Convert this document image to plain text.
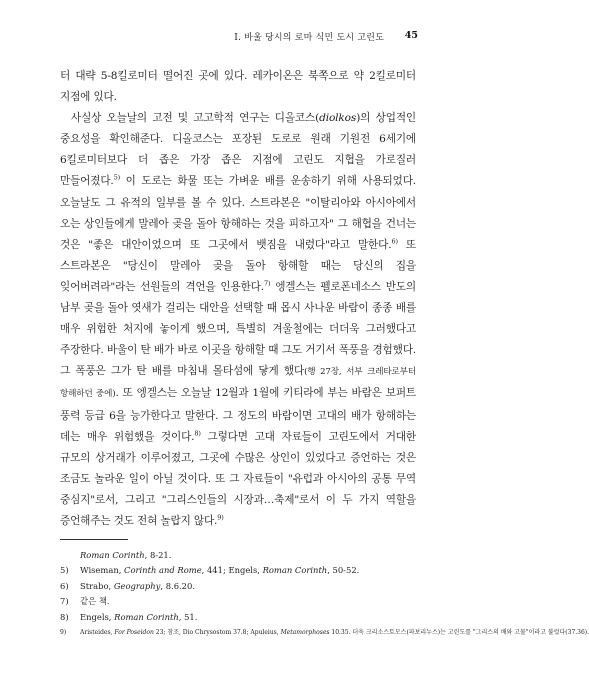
I. 바울 당시의 로마 식민 도시 고린도 45

터 대략 5-8킬로미터 떨어진 곳에 있다. 레카이온은 북쪽으로 약 2킬로미터 지점에 있다.

사실상 오늘날의 고전 및 고고학적 연구는 디올코스(diolkos)의 상업적인 중요성을 확인해준다. 디올코스는 포장된 도로로 원래 기원전 6세기에 6킬로미터보다 더 좁은 가장 좁은 지점에 고린도 지협을 가로질러 만들어졌다.$^{5)}$ 이 도로는 화물 또는 가벼운 배를 운송하기 위해 사용되었다. 오늘날도 그 유적의 일부를 볼 수 있다. 스트라본은 "이탈리아와 아시아에서 오는 상인들에게 말레아 곶을 돌아 항해하는 것을 피하고자" 그 해협을 건너는 것은 "좋은 대안이었으며 또 그곳에서 뱃짐을 내렸다"라고 말한다.$^{6)}$ 또 스트라본은 "당신이 말레아 곶을 돌아 항해할 때는 당신의 집을 잊어버려라"라는 선원들의 격언을 인용한다.$^{7)}$ 엥겔스는 펠로폰네소스 반도의 남부 곶을 돌아 엿새가 걸리는 대안을 선택할 때 몹시 사나운 바람이 종종 배를 매우 위험한 처지에 놓이게 했으며, 특별히 겨울철에는 더더욱 그러했다고 주장한다. 바울이 탄 배가 바로 이곳을 항해할 때 그도 거기서 폭풍을 경험했다. 그 폭풍은 그가 탄 배를 마침내 몰타섬에 닿게 했다(행 27장, 서부 크레타로부터 항해하던 중에). 또 엥겔스는 오늘날 12월과 1월에 키티라에 부는 바람은 보퍼트 풍력 등급 6을 능가한다고 말한다. 그 정도의 바람이면 고대의 배가 항해하는 데는 매우 위험했을 것이다.$^{8)}$ 그렇다면 고대 자료들이 고린도에서 거대한 규모의 상거래가 이루어졌고, 그곳에 수많은 상인이 있었다고 증언하는 것은 조금도 놀라운 일이 아닐 것이다. 또 그 자료들이 "유럽과 아시아의 공통 무역 중심지"로서, 그리고 "그리스인들의 시장과…축제"로서 이 두 가지 역할을 증언해주는 것도 전혀 놀랍지 않다.$^{9)}$

Roman Corinth, 8-21.
5) Wiseman, Corinth and Rome, 441; Engels, Roman Corinth, 50-52.
6) Strabo, Geography, 8.6.20.
7) 같은 책.
8) Engels, Roman Corinth, 51.
9) Aristeides, For Poseidon 23; 참조, Dio Chrysostom 37.8; Apuleius, Metamorphoses 10.35. 더욱 크리소스토모스(파보리누스)는 고린도를 "그리스의 배와 고물"이라고 불렀다(37.36).
